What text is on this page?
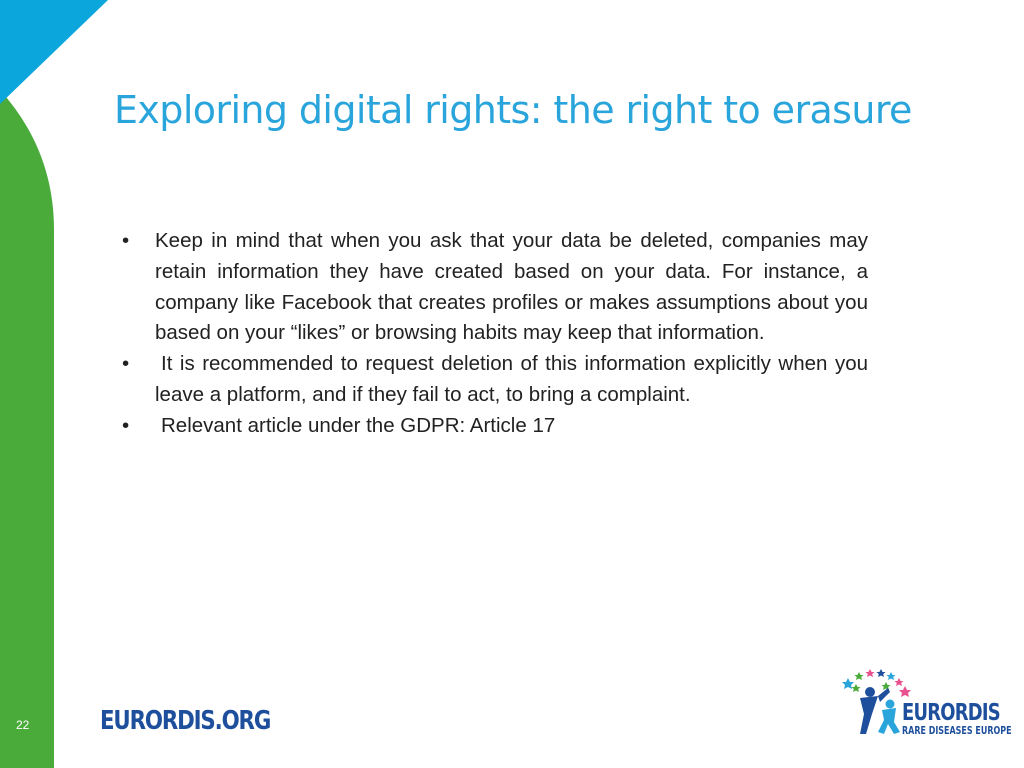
Exploring digital rights: the right to erasure
• Keep in mind that when you ask that your data be deleted, companies may retain information they have created based on your data. For instance, a company like Facebook that creates profiles or makes assumptions about you based on your “likes” or browsing habits may keep that information.
• It is recommended to request deletion of this information explicitly when you leave a platform, and if they fail to act, to bring a complaint.
• Relevant article under the GDPR: Article 17
22	EURORDIS.ORG	EURORDIS
RARE DISEASES EUROPE
